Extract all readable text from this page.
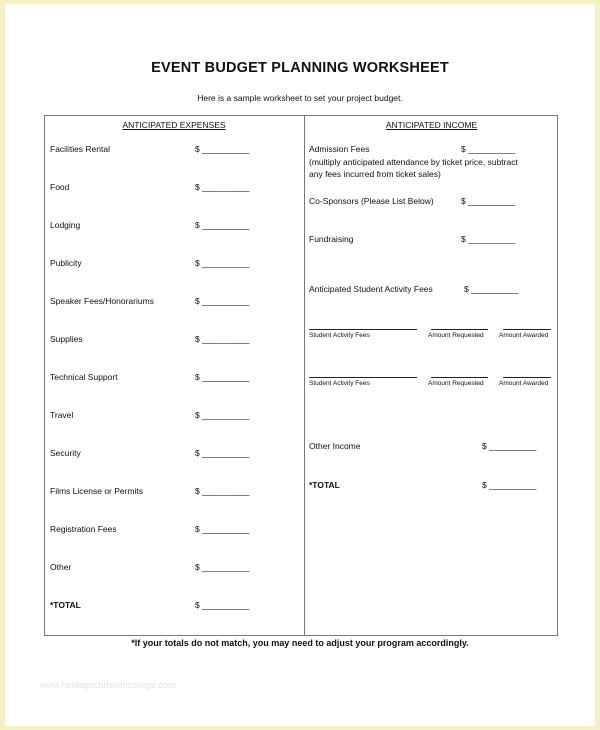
EVENT BUDGET PLANNING WORKSHEET
Here is a sample worksheet to set your project budget.
ANTICIPATED EXPENSES
Facilities Rental	$ __________
Food	$ __________
Lodging	$ __________
Publicity	$ __________
Speaker Fees/Honorariums	$ __________
Supplies	$ __________
Technical Support	$ __________
Travel	$ __________
Security	$ __________
Films License or Permits	$ __________
Registration Fees	$ __________
Other	$ __________
*TOTAL	$ __________
ANTICIPATED INCOME
Admission Fees	$ __________
(multiply anticipated attendance by ticket price, subtract
any fees incurred from ticket sales)
Co-Sponsors (Please List Below)	$ __________
Fundraising	$ __________
Anticipated Student Activity Fees	$ __________
Student Activity Fees	Amount Requested Amount Awarded
Student Activity Fees	Amount Requested Amount Awarded
Other Income	$ __________
*TOTAL	$ __________
*If your totals do not match, you may need to adjust your program accordingly.
www.heritagechristiancollege.com
